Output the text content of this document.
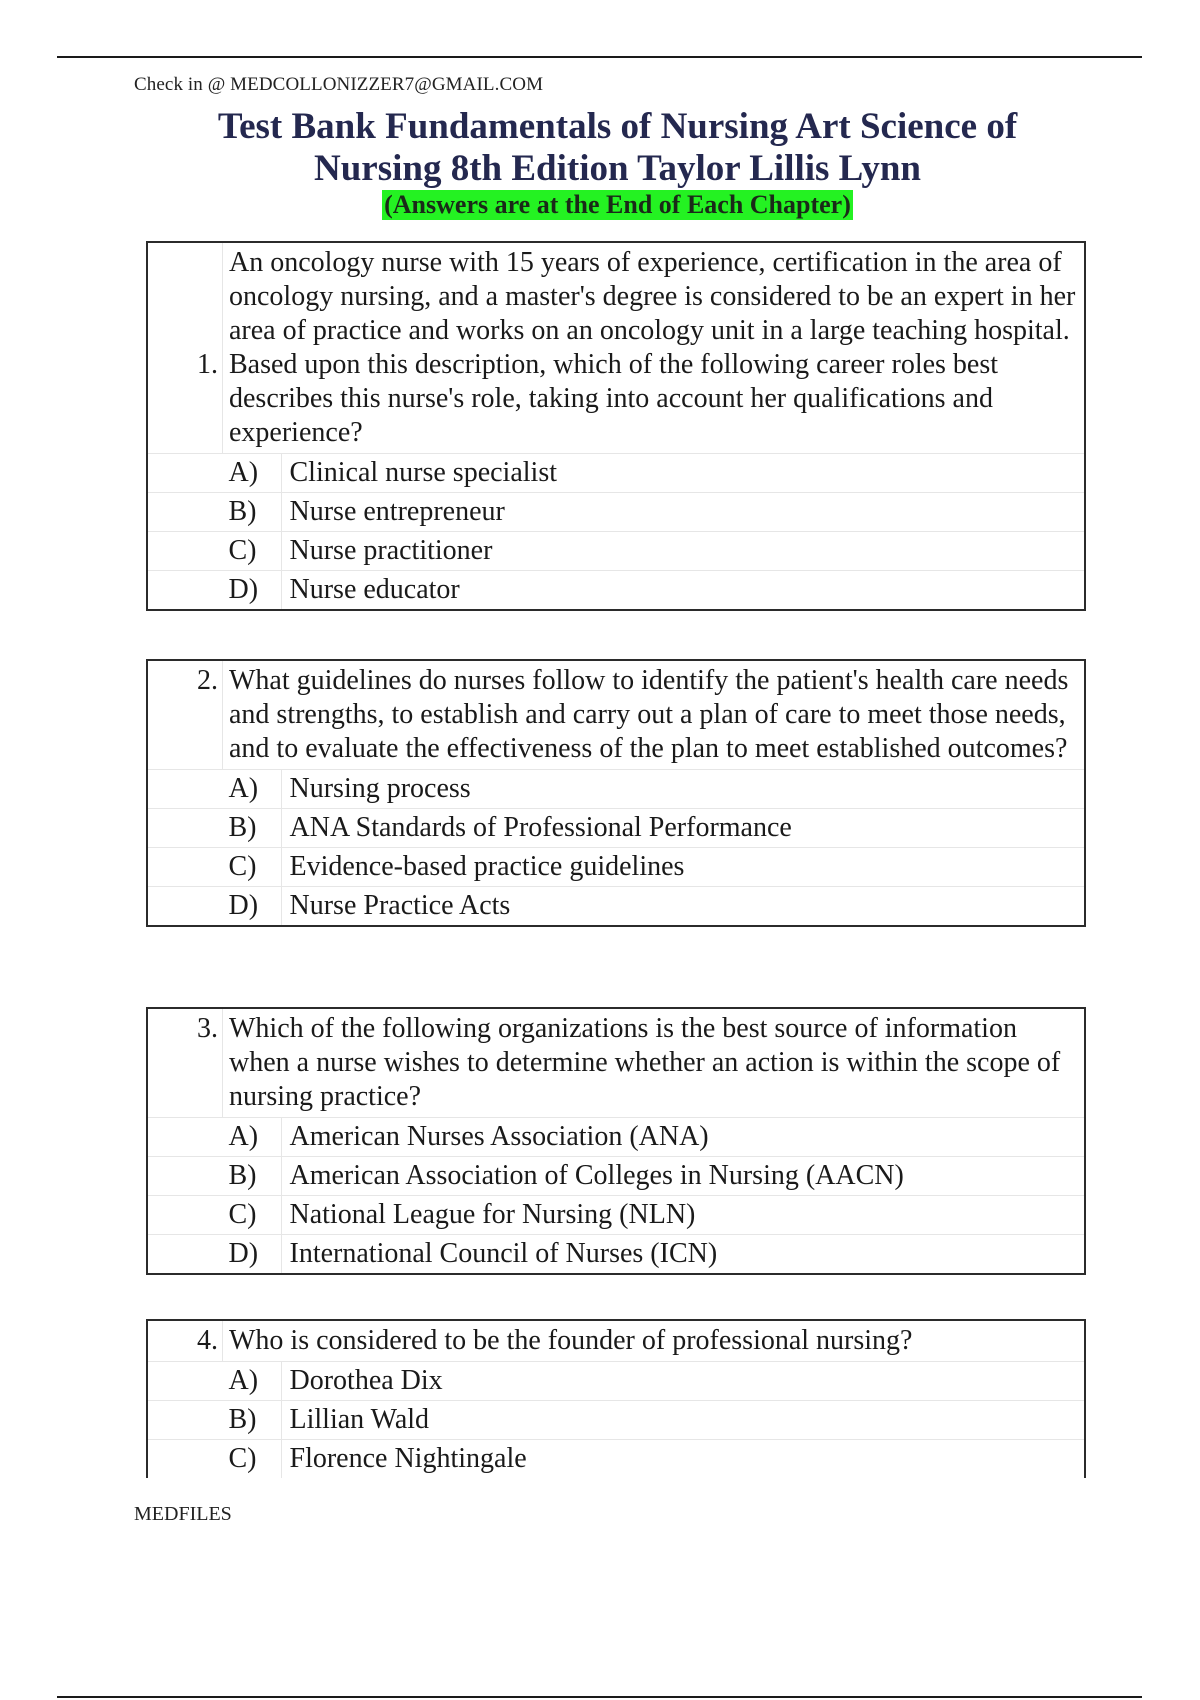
Check in @ MEDCOLLONIZZER7@GMAIL.COM
Test Bank Fundamentals of Nursing Art Science of
Nursing 8th Edition Taylor Lillis Lynn
(Answers are at the End of Each Chapter)
1.	An oncology nurse with 15 years of experience, certification in the area of oncology nursing, and a master's degree is considered to be an expert in her area of practice and works on an oncology unit in a large teaching hospital. Based upon this description, which of the following career roles best describes this nurse's role, taking into account her qualifications and experience?	
	A)	Clinical nurse specialist
	B)	Nurse entrepreneur
	C)	Nurse practitioner
	D)	Nurse educator
2.	What guidelines do nurses follow to identify the patient's health care needs and strengths, to establish and carry out a plan of care to meet those needs, and to evaluate the effectiveness of the plan to meet established outcomes?	
	A)	Nursing process
	B)	ANA Standards of Professional Performance
	C)	Evidence-based practice guidelines
	D)	Nurse Practice Acts
3.	Which of the following organizations is the best source of information when a nurse wishes to determine whether an action is within the scope of nursing practice?	
	A)	American Nurses Association (ANA)
	B)	American Association of Colleges in Nursing (AACN)
	C)	National League for Nursing (NLN)
	D)	International Council of Nurses (ICN)
4.	Who is considered to be the founder of professional nursing?	
	A)	Dorothea Dix
	B)	Lillian Wald
	C)	Florence Nightingale
MEDFILES
